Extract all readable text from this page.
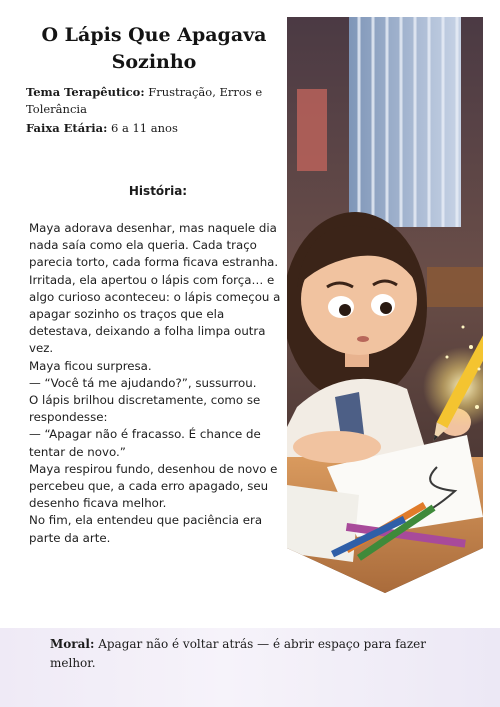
O Lápis Que Apagava Sozinho
Tema Terapêutico: Frustração, Erros e Tolerância
Faixa Etária: 6 a 11 anos
História:
Maya adorava desenhar, mas naquele dia nada saía como ela queria. Cada traço parecia torto, cada forma ficava estranha. Irritada, ela apertou o lápis com força… e algo curioso aconteceu: o lápis começou a apagar sozinho os traços que ela detestava, deixando a folha limpa outra vez.
Maya ficou surpresa.
— “Você tá me ajudando?”, sussurrou.
O lápis brilhou discretamente, como se respondesse:
— “Apagar não é fracasso. É chance de tentar de novo.”
Maya respirou fundo, desenhou de novo e percebeu que, a cada erro apagado, seu desenho ficava melhor.
No fim, ela entendeu que paciência era parte da arte.
Moral: Apagar não é voltar atrás — é abrir espaço para fazer melhor.
